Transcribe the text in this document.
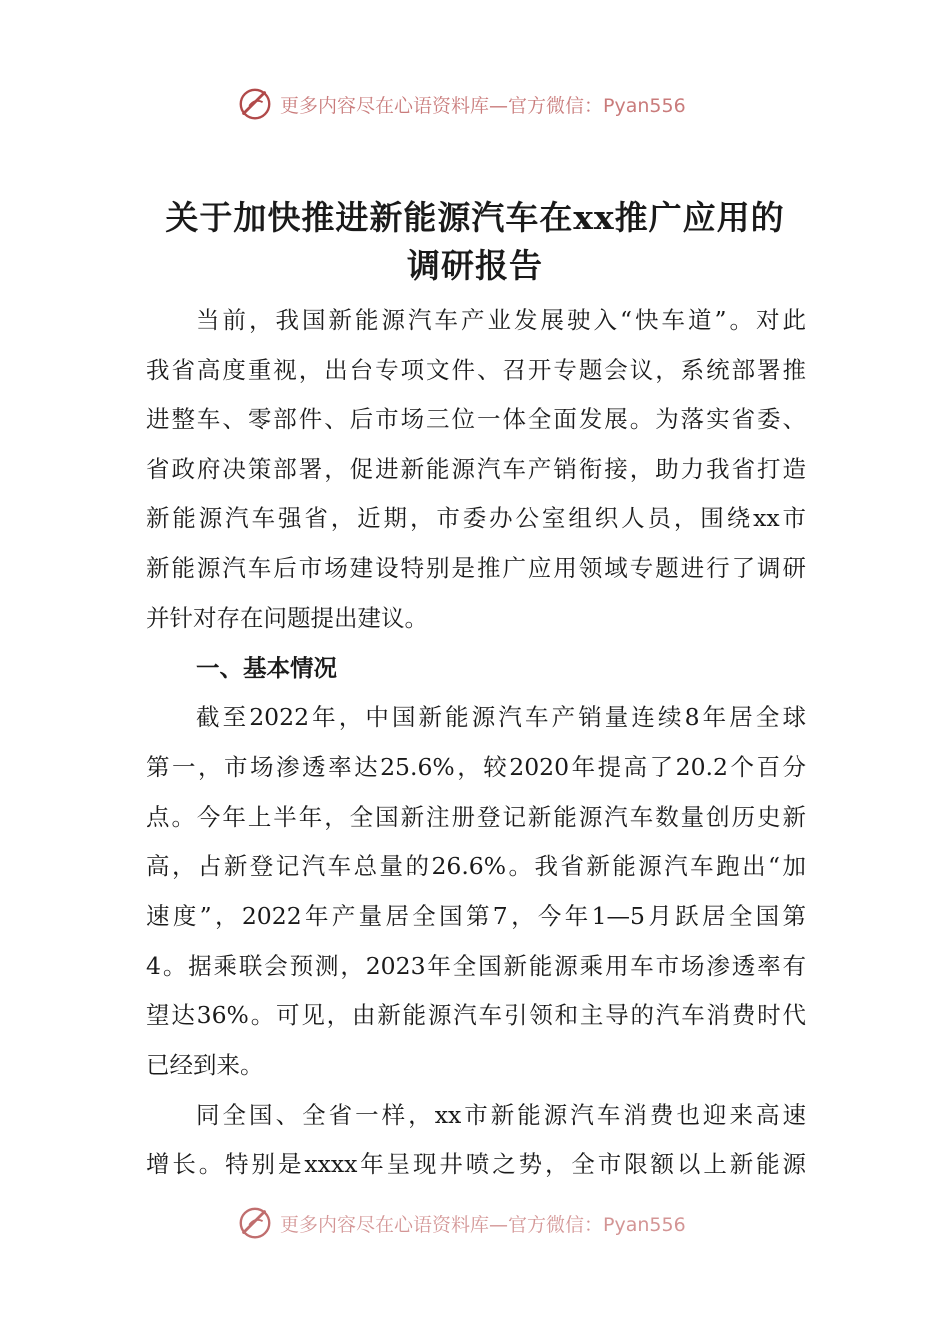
更多内容尽在心语资料库—官方微信：Pyan556
关于加快推进新能源汽车在xx推广应用的
调研报告
当前，我国新能源汽车产业发展驶入“快车道”。对此
我省高度重视，出台专项文件、召开专题会议，系统部署推
进整车、零部件、后市场三位一体全面发展。为落实省委、
省政府决策部署，促进新能源汽车产销衔接，助力我省打造
新能源汽车强省，近期，市委办公室组织人员，围绕xx市
新能源汽车后市场建设特别是推广应用领域专题进行了调研
并针对存在问题提出建议。
一、基本情况
截至2022年，中国新能源汽车产销量连续8年居全球
第一，市场渗透率达25.6%，较2020年提高了20.2个百分
点。今年上半年，全国新注册登记新能源汽车数量创历史新
高，占新登记汽车总量的26.6%。我省新能源汽车跑出“加
速度”，2022年产量居全国第7，今年1—5月跃居全国第
4。据乘联会预测，2023年全国新能源乘用车市场渗透率有
望达36%。可见，由新能源汽车引领和主导的汽车消费时代
已经到来。
同全国、全省一样，xx市新能源汽车消费也迎来高速
增长。特别是xxxx年呈现井喷之势，全市限额以上新能源
更多内容尽在心语资料库—官方微信：Pyan556
